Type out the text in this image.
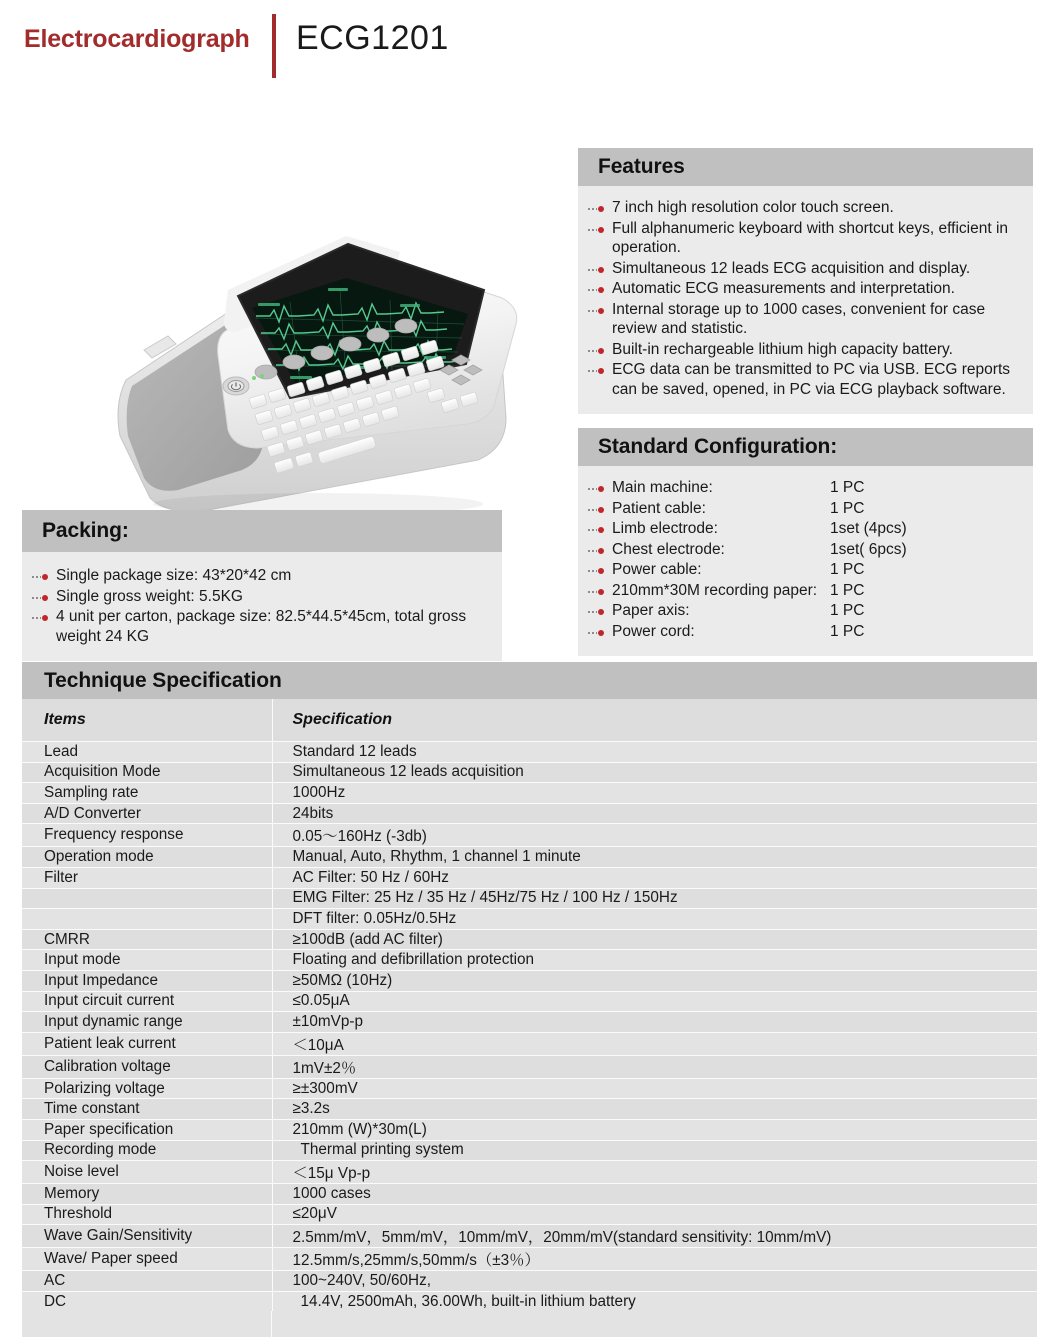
Electrocardiograph ECG1201
Features
7 inch high resolution color touch screen.
Full alphanumeric keyboard with shortcut keys, efficient in operation.
Simultaneous 12 leads ECG acquisition and display.
Automatic ECG measurements and interpretation.
Internal storage up to 1000 cases, convenient for case review and statistic.
Built-in rechargeable lithium high capacity battery.
ECG data can be transmitted to PC via USB. ECG reports can be saved, opened, in PC via ECG playback software.
Standard Configuration:
Main machine:	1 PC
Patient cable:	1 PC
Limb electrode:	1set (4pcs)
Chest electrode:	1set( 6pcs)
Power cable:	1 PC
210mm*30M recording paper: 1 PC
Paper axis:	1 PC
Power cord:	1 PC
Packing:
Single package size: 43*20*42 cm
Single gross weight: 5.5KG
4 unit per carton, package size: 82.5*44.5*45cm, total gross weight 24 KG
Technique Specification
Items	Specification
Lead	Standard 12 leads
Acquisition Mode	Simultaneous 12 leads acquisition
Sampling rate	1000Hz
A/D Converter	24bits
Frequency response	0.05～160Hz (-3db)
Operation mode	Manual, Auto, Rhythm, 1 channel 1 minute
Filter	AC Filter: 50 Hz / 60Hz
	EMG Filter: 25 Hz / 35 Hz / 45Hz/75 Hz / 100 Hz / 150Hz
	DFT filter: 0.05Hz/0.5Hz
CMRR	≥100dB (add AC filter)
Input mode	Floating and defibrillation protection
Input Impedance	≥50MΩ (10Hz)
Input circuit current	≤0.05μA
Input dynamic range	±10mVp-p
Patient leak current	＜10μA
Calibration voltage	1mV±2％
Polarizing voltage	≥±300mV
Time constant	≥3.2s
Paper specification	210mm (W)*30m(L)
Recording mode	Thermal printing system
Noise level	＜15μ Vp-p
Memory	1000 cases
Threshold	≤20μV
Wave Gain/Sensitivity	2.5mm/mV，5mm/mV，10mm/mV，20mm/mV(standard sensitivity: 10mm/mV)
Wave/ Paper speed	12.5mm/s,25mm/s,50mm/s（±3％）
AC	100~240V, 50/60Hz,
DC	14.4V, 2500mAh, 36.00Wh, built-in lithium battery
